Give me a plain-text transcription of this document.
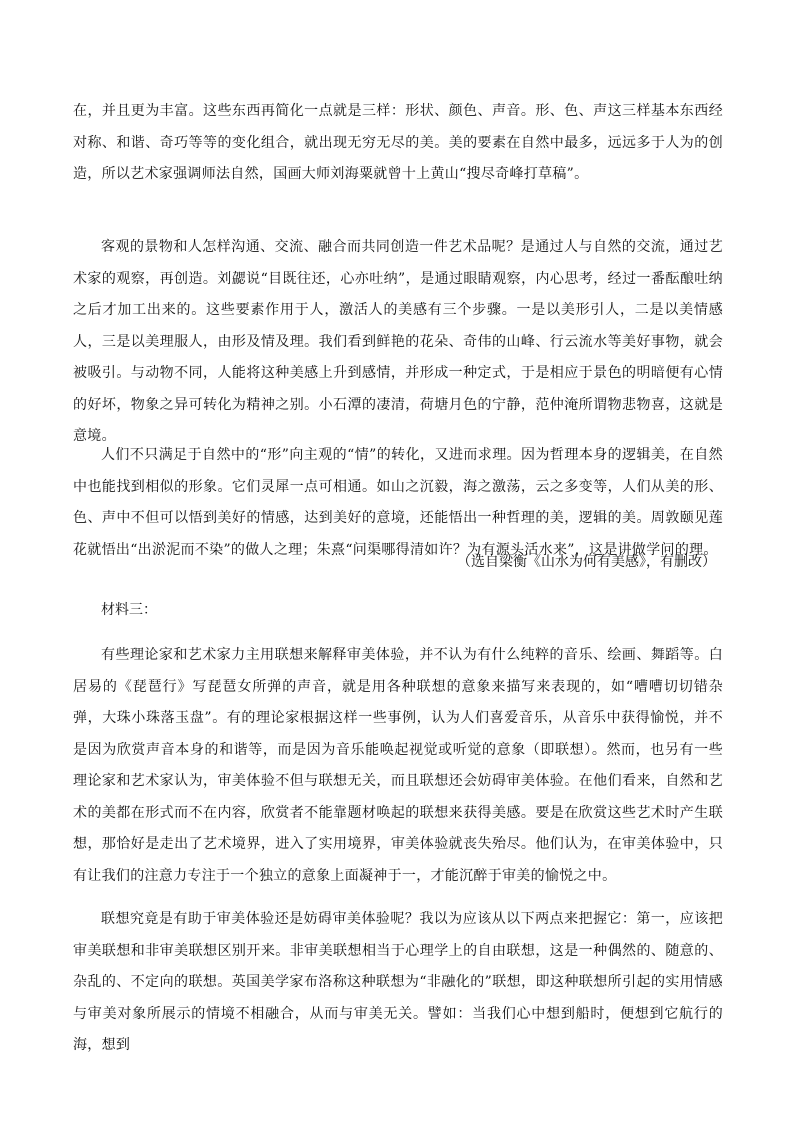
在，并且更为丰富。这些东西再简化一点就是三样：形状、颜色、声音。形、色、声这三样基本东西经对称、和谐、奇巧等等的变化组合，就出现无穷无尽的美。美的要素在自然中最多，远远多于人为的创造，所以艺术家强调师法自然，国画大师刘海粟就曾十上黄山“搜尽奇峰打草稿”。

客观的景物和人怎样沟通、交流、融合而共同创造一件艺术品呢？是通过人与自然的交流，通过艺术家的观察，再创造。刘勰说“目既往还，心亦吐纳”，是通过眼睛观察，内心思考，经过一番酝酿吐纳之后才加工出来的。这些要素作用于人，激活人的美感有三个步骤。一是以美形引人，二是以美情感人，三是以美理服人，由形及情及理。我们看到鲜艳的花朵、奇伟的山峰、行云流水等美好事物，就会被吸引。与动物不同，人能将这种美感上升到感情，并形成一种定式，于是相应于景色的明暗便有心情的好坏，物象之异可转化为精神之别。小石潭的凄清，荷塘月色的宁静，范仲淹所谓物悲物喜，这就是意境。

人们不只满足于自然中的“形”向主观的“情”的转化，又进而求理。因为哲理本身的逻辑美，在自然中也能找到相似的形象。它们灵犀一点可相通。如山之沉毅，海之激荡，云之多变等，人们从美的形、色、声中不但可以悟到美好的情感，达到美好的意境，还能悟出一种哲理的美，逻辑的美。周敦颐见莲花就悟出“出淤泥而不染”的做人之理；朱熹“问渠哪得清如许？为有源头活水来”，这是讲做学问的理。

（选自梁衡《山水为何有美感》，有删改）
材料三：

有些理论家和艺术家力主用联想来解释审美体验，并不认为有什么纯粹的音乐、绘画、舞蹈等。白居易的《琵琶行》写琵琶女所弹的声音，就是用各种联想的意象来描写来表现的，如“嘈嘈切切错杂弹，大珠小珠落玉盘”。有的理论家根据这样一些事例，认为人们喜爱音乐，从音乐中获得愉悦，并不是因为欣赏声音本身的和谐等，而是因为音乐能唤起视觉或听觉的意象（即联想）。然而，也另有一些理论家和艺术家认为，审美体验不但与联想无关，而且联想还会妨碍审美体验。在他们看来，自然和艺术的美都在形式而不在内容，欣赏者不能靠题材唤起的联想来获得美感。要是在欣赏这些艺术时产生联想，那恰好是走出了艺术境界，进入了实用境界，审美体验就丧失殆尽。他们认为，在审美体验中，只有让我们的注意力专注于一个独立的意象上面凝神于一，才能沉醉于审美的愉悦之中。

联想究竟是有助于审美体验还是妨碍审美体验呢？我以为应该从以下两点来把握它：第一，应该把审美联想和非审美联想区别开来。非审美联想相当于心理学上的自由联想，这是一种偶然的、随意的、杂乱的、不定向的联想。英国美学家布洛称这种联想为“非融化的”联想，即这种联想所引起的实用情感与审美对象所展示的情境不相融合，从而与审美无关。譬如：当我们心中想到船时，便想到它航行的海，想到
